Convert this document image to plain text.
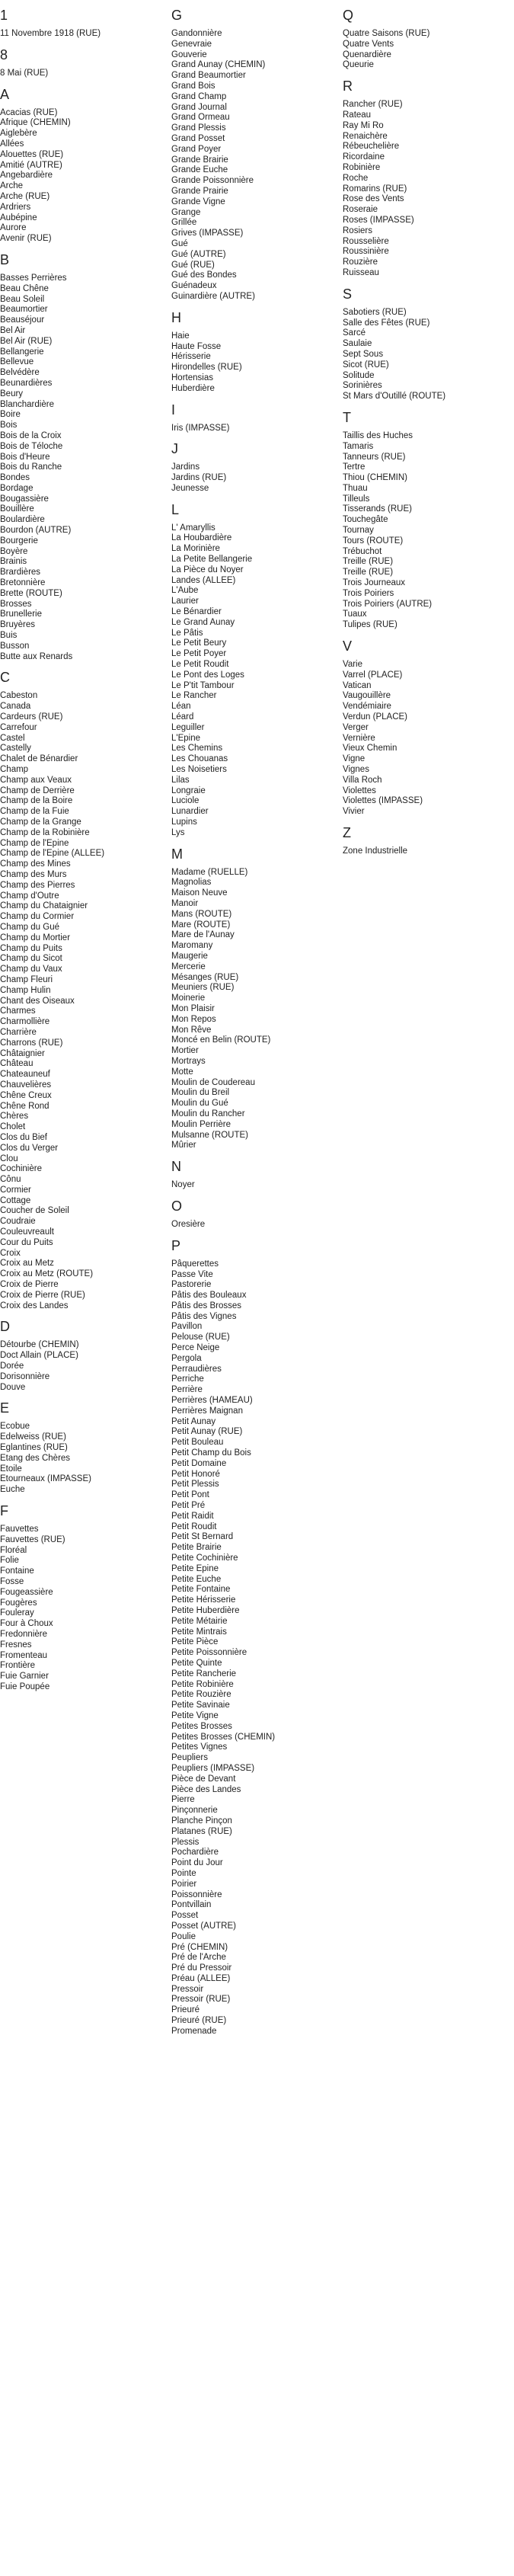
1
11 Novembre 1918 (RUE)
8
8 Mai (RUE)
A
Acacias (RUE)
Afrique (CHEMIN)
Aiglebère
Allées
Alouettes (RUE)
Amitié (AUTRE)
Angebardière
Arche
Arche (RUE)
Ardriers
Aubépine
Aurore
Avenir (RUE)
B
Basses Perrières
Beau Chêne
Beau Soleil
Beaumortier
Beauséjour
Bel Air
Bel Air (RUE)
Bellangerie
Bellevue
Belvédère
Beunardières
Beury
Blanchardière
Boire
Bois
Bois de la Croix
Bois de Téloche
Bois d'Heure
Bois du Ranche
Bondes
Bordage
Bougassière
Bouillère
Boulardière
Bourdon (AUTRE)
Bourgerie
Boyère
Brainis
Brardières
Bretonnière
Brette (ROUTE)
Brosses
Brunellerie
Bruyères
Buis
Busson
Butte aux Renards
C
Cabeston
Canada
Cardeurs (RUE)
Carrefour
Castel
Castelly
Chalet de Bénardier
Champ
Champ aux Veaux
Champ de Derrière
Champ de la Boire
Champ de la Fuie
Champ de la Grange
Champ de la Robinière
Champ de l'Epine
Champ de l'Epine (ALLEE)
Champ des Mines
Champ des Murs
Champ des Pierres
Champ d'Outre
Champ du Chataignier
Champ du Cormier
Champ du Gué
Champ du Mortier
Champ du Puits
Champ du Sicot
Champ du Vaux
Champ Fleuri
Champ Hulin
Chant des Oiseaux
Charmes
Charmollière
Charrière
Charrons (RUE)
Châtaignier
Château
Chateauneuf
Chauvelières
Chêne Creux
Chêne Rond
Chères
Cholet
Clos du Bief
Clos du Verger
Clou
Cochinière
Cônu
Cormier
Cottage
Coucher de Soleil
Coudraie
Couleuvreault
Cour du Puits
Croix
Croix au Metz
Croix au Metz (ROUTE)
Croix de Pierre
Croix de Pierre (RUE)
Croix des Landes
D
Détourbe (CHEMIN)
Doct Allain (PLACE)
Dorée
Dorisonnière
Douve
E
Ecobue
Edelweiss (RUE)
Eglantines (RUE)
Etang des Chères
Etoile
Etourneaux (IMPASSE)
Euche
F
Fauvettes
Fauvettes (RUE)
Floréal
Folie
Fontaine
Fosse
Fougeassière
Fougères
Fouleray
Four à Choux
Fredonnière
Fresnes
Fromenteau
Frontière
Fuie Garnier
Fuie Poupée
G
Gandonnière
Genevraie
Gouverie
Grand Aunay (CHEMIN)
Grand Beaumortier
Grand Bois
Grand Champ
Grand Journal
Grand Ormeau
Grand Plessis
Grand Posset
Grand Poyer
Grande Brairie
Grande Euche
Grande Poissonnière
Grande Prairie
Grande Vigne
Grange
Grillée
Grives (IMPASSE)
Gué
Gué (AUTRE)
Gué (RUE)
Gué des Bondes
Guénadeux
Guinardière (AUTRE)
H
Haie
Haute Fosse
Hérisserie
Hirondelles (RUE)
Hortensias
Huberdière
I
Iris (IMPASSE)
J
Jardins
Jardins (RUE)
Jeunesse
L
L' Amaryllis
La Houbardière
La Morinière
La Petite Bellangerie
La Pièce du Noyer
Landes (ALLEE)
L'Aube
Laurier
Le Bénardier
Le Grand Aunay
Le Pâtis
Le Petit Beury
Le Petit Poyer
Le Petit Roudit
Le Pont des Loges
Le P'tit Tambour
Le Rancher
Léan
Léard
Leguiller
L'Epine
Les Chemins
Les Chouanas
Les Noisetiers
Lilas
Longraie
Luciole
Lunardier
Lupins
Lys
M
Madame (RUELLE)
Magnolias
Maison Neuve
Manoir
Mans (ROUTE)
Mare (ROUTE)
Mare de l'Aunay
Maromany
Maugerie
Mercerie
Mésanges (RUE)
Meuniers (RUE)
Moinerie
Mon Plaisir
Mon Repos
Mon Rêve
Moncé en Belin (ROUTE)
Mortier
Mortrays
Motte
Moulin de Coudereau
Moulin du Breil
Moulin du Gué
Moulin du Rancher
Moulin Perrière
Mulsanne (ROUTE)
Mûrier
N
Noyer
O
Oresière
P
Pâquerettes
Passe Vite
Pastorerie
Pâtis des Bouleaux
Pâtis des Brosses
Pâtis des Vignes
Pavillon
Pelouse (RUE)
Perce Neige
Pergola
Perraudières
Perriche
Perrière
Perrières (HAMEAU)
Perrières Maignan
Petit Aunay
Petit Aunay (RUE)
Petit Bouleau
Petit Champ du Bois
Petit Domaine
Petit Honoré
Petit Plessis
Petit Pont
Petit Pré
Petit Raidit
Petit Roudit
Petit St Bernard
Petite Brairie
Petite Cochinière
Petite Epine
Petite Euche
Petite Fontaine
Petite Hérisserie
Petite Huberdière
Petite Métairie
Petite Mintrais
Petite Pièce
Petite Poissonnière
Petite Quinte
Petite Rancherie
Petite Robinière
Petite Rouzière
Petite Savinaie
Petite Vigne
Petites Brosses
Petites Brosses (CHEMIN)
Petites Vignes
Peupliers
Peupliers (IMPASSE)
Pièce de Devant
Pièce des Landes
Pierre
Pinçonnerie
Planche Pinçon
Platanes (RUE)
Plessis
Pochardière
Point du Jour
Pointe
Poirier
Poissonnière
Pontvillain
Posset
Posset (AUTRE)
Poulie
Pré (CHEMIN)
Pré de l'Arche
Pré du Pressoir
Préau (ALLEE)
Pressoir
Pressoir (RUE)
Prieuré
Prieuré (RUE)
Promenade
Q
Quatre Saisons (RUE)
Quatre Vents
Quenardière
Queurie
R
Rancher (RUE)
Rateau
Ray Mi Ro
Renaichère
Rébeuchelière
Ricordaine
Robinière
Roche
Romarins (RUE)
Rose des Vents
Roseraie
Roses (IMPASSE)
Rosiers
Rousselière
Roussinière
Rouzière
Ruisseau
S
Sabotiers (RUE)
Salle des Fêtes (RUE)
Sarcé
Saulaie
Sept Sous
Sicot (RUE)
Solitude
Sorinières
St Mars d'Outillé (ROUTE)
T
Taillis des Huches
Tamaris
Tanneurs (RUE)
Tertre
Thiou (CHEMIN)
Thuau
Tilleuls
Tisserands (RUE)
Touchegâte
Tournay
Tours (ROUTE)
Trébuchot
Treille (RUE)
Treille (RUE)
Trois Journeaux
Trois Poiriers
Trois Poiriers (AUTRE)
Tuaux
Tulipes (RUE)
V
Varie
Varrel (PLACE)
Vatican
Vaugouillère
Vendémiaire
Verdun (PLACE)
Verger
Vernière
Vieux Chemin
Vigne
Vignes
Villa Roch
Violettes
Violettes (IMPASSE)
Vivier
Z
Zone Industrielle
